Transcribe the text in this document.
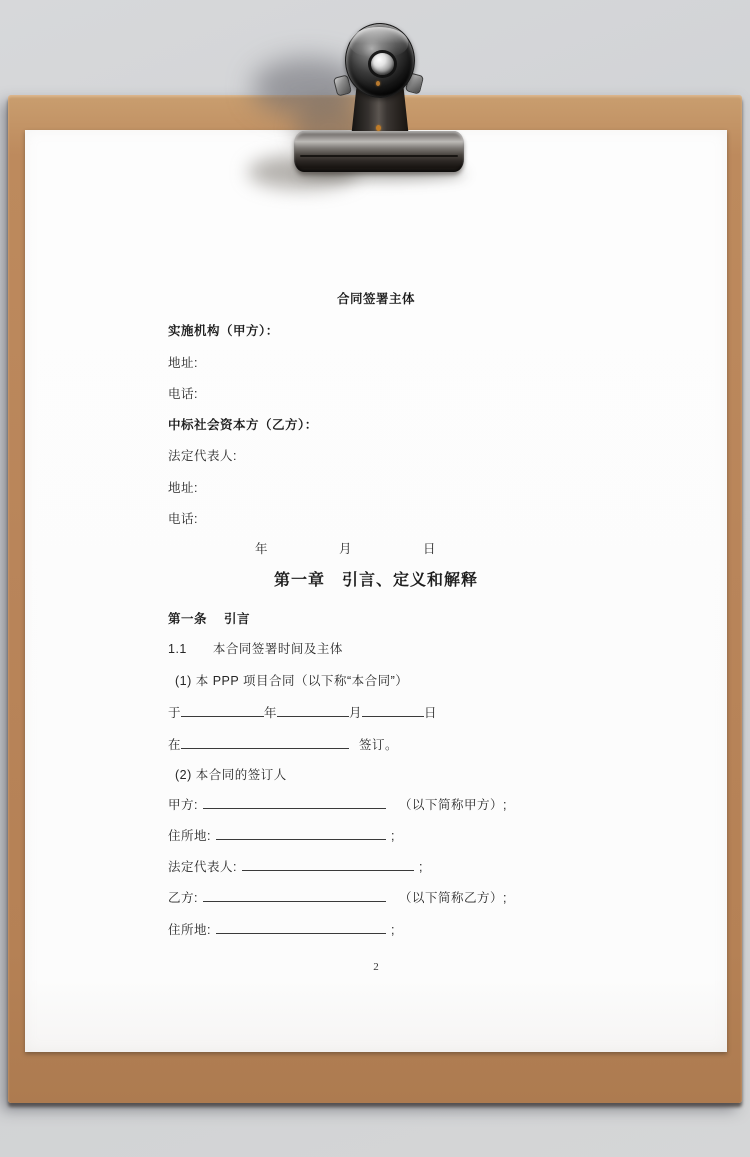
合同签署主体
实施机构（甲方）：
地址:
电话:
中标社会资本方（乙方）：
法定代表人:
地址:
电话:
年	月	日
第一章　引言、定义和解释
第一条　 引言
1.1　　本合同签署时间及主体
(1) 本 PPP 项目合同（以下称“本合同”）
于	年	月	日
在	签订。
(2) 本合同的签订人
甲方:	（以下简称甲方）;
住所地:	;
法定代表人:	;
乙方:	（以下简称乙方）;
住所地:	;
2
